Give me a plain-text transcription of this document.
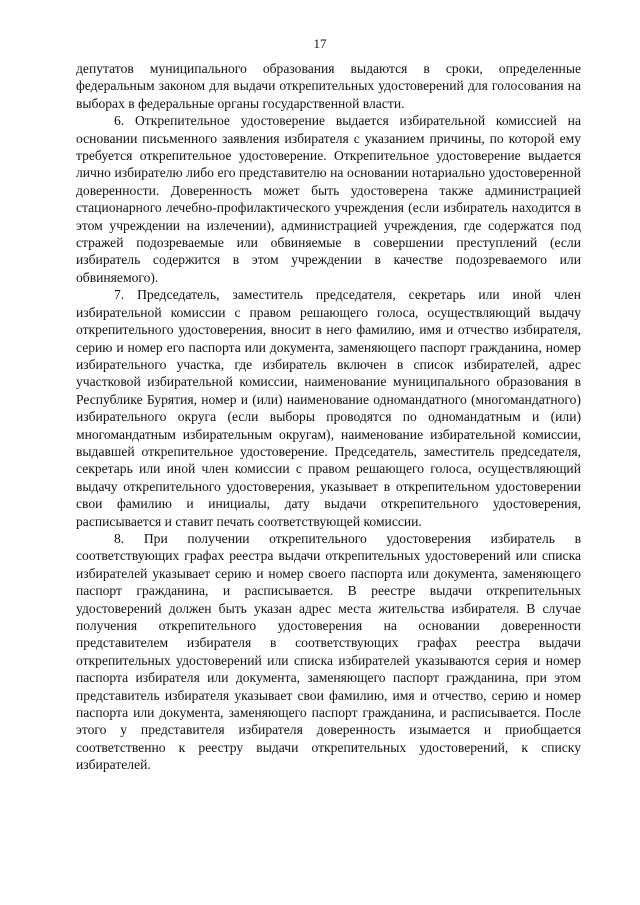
17

депутатов муниципального образования выдаются в сроки, определенные федеральным законом для выдачи открепительных удостоверений для голосования на выборах в федеральные органы государственной власти.

6. Открепительное удостоверение выдается избирательной комиссией на основании письменного заявления избирателя с указанием причины, по которой ему требуется открепительное удостоверение. Открепительное удостоверение выдается лично избирателю либо его представителю на основании нотариально удостоверенной доверенности. Доверенность может быть удостоверена также администрацией стационарного лечебно-профилактического учреждения (если избиратель находится в этом учреждении на излечении), администрацией учреждения, где содержатся под стражей подозреваемые или обвиняемые в совершении преступлений (если избиратель содержится в этом учреждении в качестве подозреваемого или обвиняемого).

7. Председатель, заместитель председателя, секретарь или иной член избирательной комиссии с правом решающего голоса, осуществляющий выдачу открепительного удостоверения, вносит в него фамилию, имя и отчество избирателя, серию и номер его паспорта или документа, заменяющего паспорт гражданина, номер избирательного участка, где избиратель включен в список избирателей, адрес участковой избирательной комиссии, наименование муниципального образования в Республике Бурятия, номер и (или) наименование одномандатного (многомандатного) избирательного округа (если выборы проводятся по одномандатным и (или) многомандатным избирательным округам), наименование избирательной комиссии, выдавшей открепительное удостоверение. Председатель, заместитель председателя, секретарь или иной член комиссии с правом решающего голоса, осуществляющий выдачу открепительного удостоверения, указывает в открепительном удостоверении свои фамилию и инициалы, дату выдачи открепительного удостоверения, расписывается и ставит печать соответствующей комиссии.

8. При получении открепительного удостоверения избиратель в соответствующих графах реестра выдачи открепительных удостоверений или списка избирателей указывает серию и номер своего паспорта или документа, заменяющего паспорт гражданина, и расписывается. В реестре выдачи открепительных удостоверений должен быть указан адрес места жительства избирателя. В случае получения открепительного удостоверения на основании доверенности представителем избирателя в соответствующих графах реестра выдачи открепительных удостоверений или списка избирателей указываются серия и номер паспорта избирателя или документа, заменяющего паспорт гражданина, при этом представитель избирателя указывает свои фамилию, имя и отчество, серию и номер паспорта или документа, заменяющего паспорт гражданина, и расписывается. После этого у представителя избирателя доверенность изымается и приобщается соответственно к реестру выдачи открепительных удостоверений, к списку избирателей.
